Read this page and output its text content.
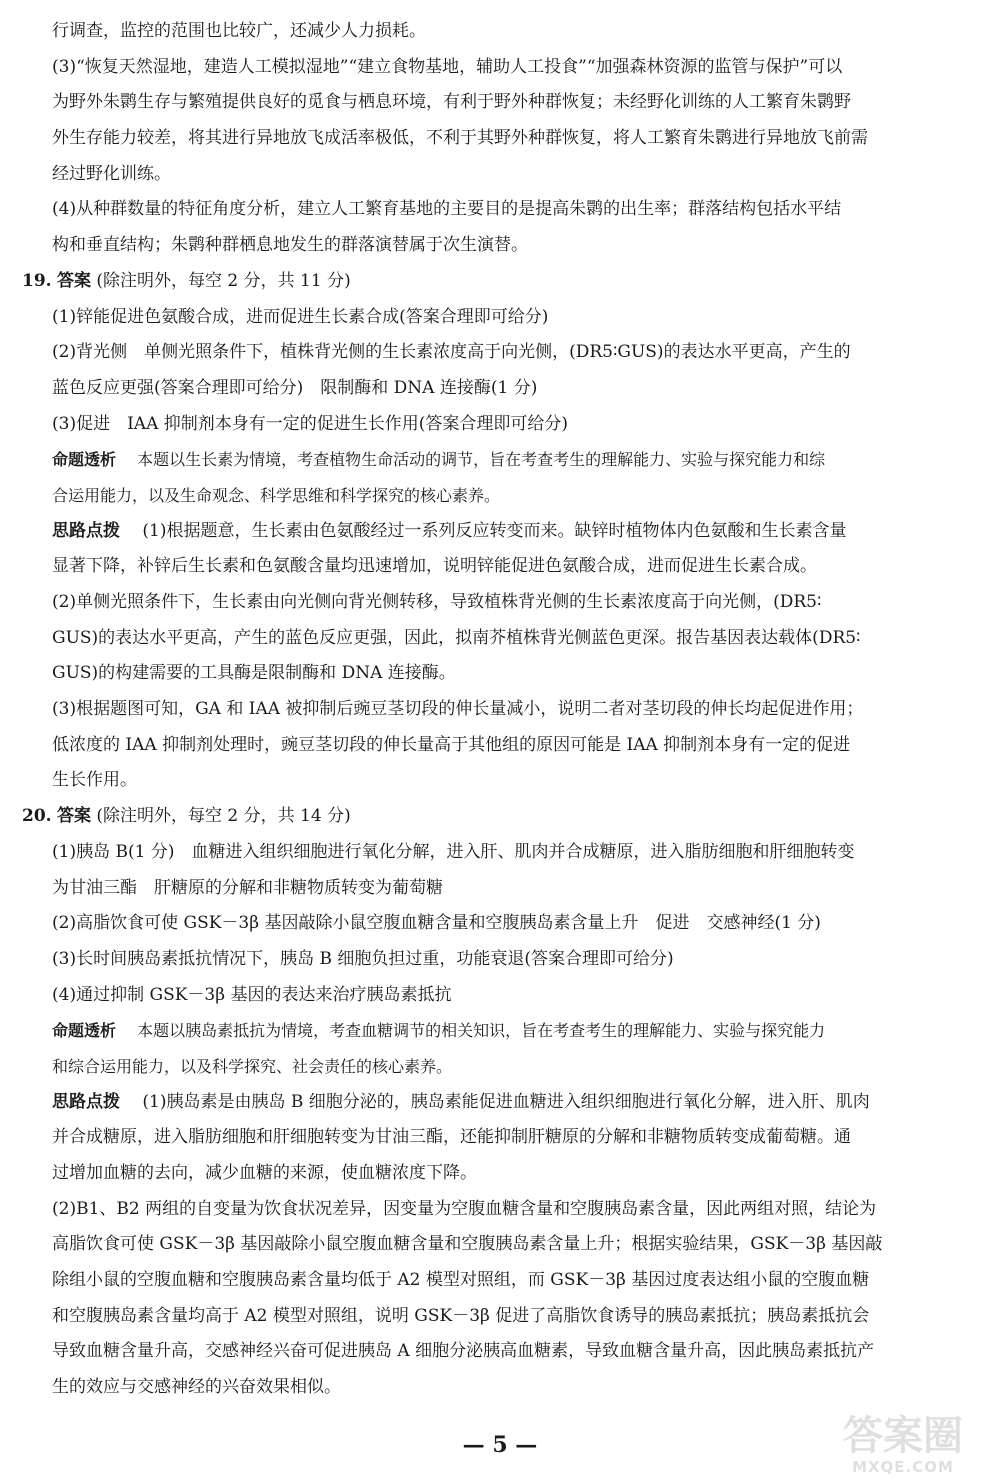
行调查，监控的范围也比较广，还减少人力损耗。
(3)“恢复天然湿地，建造人工模拟湿地”“建立食物基地，辅助人工投食”“加强森林资源的监管与保护”可以
为野外朱鹮生存与繁殖提供良好的觅食与栖息环境，有利于野外种群恢复；未经野化训练的人工繁育朱鹮野
外生存能力较差，将其进行异地放飞成活率极低，不利于其野外种群恢复，将人工繁育朱鹮进行异地放飞前需
经过野化训练。
(4)从种群数量的特征角度分析，建立人工繁育基地的主要目的是提高朱鹮的出生率；群落结构包括水平结
构和垂直结构；朱鹮种群栖息地发生的群落演替属于次生演替。
19. 答案 (除注明外，每空 2 分，共 11 分)
(1)锌能促进色氨酸合成，进而促进生长素合成(答案合理即可给分)
(2)背光侧　单侧光照条件下，植株背光侧的生长素浓度高于向光侧，(DR5∶GUS)的表达水平更高，产生的
蓝色反应更强(答案合理即可给分)　限制酶和 DNA 连接酶(1 分)
(3)促进　IAA 抑制剂本身有一定的促进生长作用(答案合理即可给分)
命题透析　 本题以生长素为情境，考查植物生命活动的调节，旨在考查考生的理解能力、实验与探究能力和综
合运用能力，以及生命观念、科学思维和科学探究的核心素养。
思路点拨　 (1)根据题意，生长素由色氨酸经过一系列反应转变而来。缺锌时植物体内色氨酸和生长素含量
显著下降，补锌后生长素和色氨酸含量均迅速增加，说明锌能促进色氨酸合成，进而促进生长素合成。
(2)单侧光照条件下，生长素由向光侧向背光侧转移，导致植株背光侧的生长素浓度高于向光侧，(DR5∶
GUS)的表达水平更高，产生的蓝色反应更强，因此，拟南芥植株背光侧蓝色更深。报告基因表达载体(DR5∶
GUS)的构建需要的工具酶是限制酶和 DNA 连接酶。
(3)根据题图可知，GA 和 IAA 被抑制后豌豆茎切段的伸长量减小，说明二者对茎切段的伸长均起促进作用；
低浓度的 IAA 抑制剂处理时，豌豆茎切段的伸长量高于其他组的原因可能是 IAA 抑制剂本身有一定的促进
生长作用。
20. 答案 (除注明外，每空 2 分，共 14 分)
(1)胰岛 B(1 分)　血糖进入组织细胞进行氧化分解，进入肝、肌肉并合成糖原，进入脂肪细胞和肝细胞转变
为甘油三酯　肝糖原的分解和非糖物质转变为葡萄糖
(2)高脂饮食可使 GSK－3β 基因敲除小鼠空腹血糖含量和空腹胰岛素含量上升　促进　交感神经(1 分)
(3)长时间胰岛素抵抗情况下，胰岛 B 细胞负担过重，功能衰退(答案合理即可给分)
(4)通过抑制 GSK－3β 基因的表达来治疗胰岛素抵抗
命题透析　 本题以胰岛素抵抗为情境，考查血糖调节的相关知识，旨在考查考生的理解能力、实验与探究能力
和综合运用能力，以及科学探究、社会责任的核心素养。
思路点拨　 (1)胰岛素是由胰岛 B 细胞分泌的，胰岛素能促进血糖进入组织细胞进行氧化分解，进入肝、肌肉
并合成糖原，进入脂肪细胞和肝细胞转变为甘油三酯，还能抑制肝糖原的分解和非糖物质转变成葡萄糖。通
过增加血糖的去向，减少血糖的来源，使血糖浓度下降。
(2)B1、B2 两组的自变量为饮食状况差异，因变量为空腹血糖含量和空腹胰岛素含量，因此两组对照，结论为
高脂饮食可使 GSK－3β 基因敲除小鼠空腹血糖含量和空腹胰岛素含量上升；根据实验结果，GSK－3β 基因敲
除组小鼠的空腹血糖和空腹胰岛素含量均低于 A2 模型对照组，而 GSK－3β 基因过度表达组小鼠的空腹血糖
和空腹胰岛素含量均高于 A2 模型对照组，说明 GSK－3β 促进了高脂饮食诱导的胰岛素抵抗；胰岛素抵抗会
导致血糖含量升高，交感神经兴奋可促进胰岛 A 细胞分泌胰高血糖素，导致血糖含量升高，因此胰岛素抵抗产
生的效应与交感神经的兴奋效果相似。
— 5 —	答案圈
MXQE.COM
